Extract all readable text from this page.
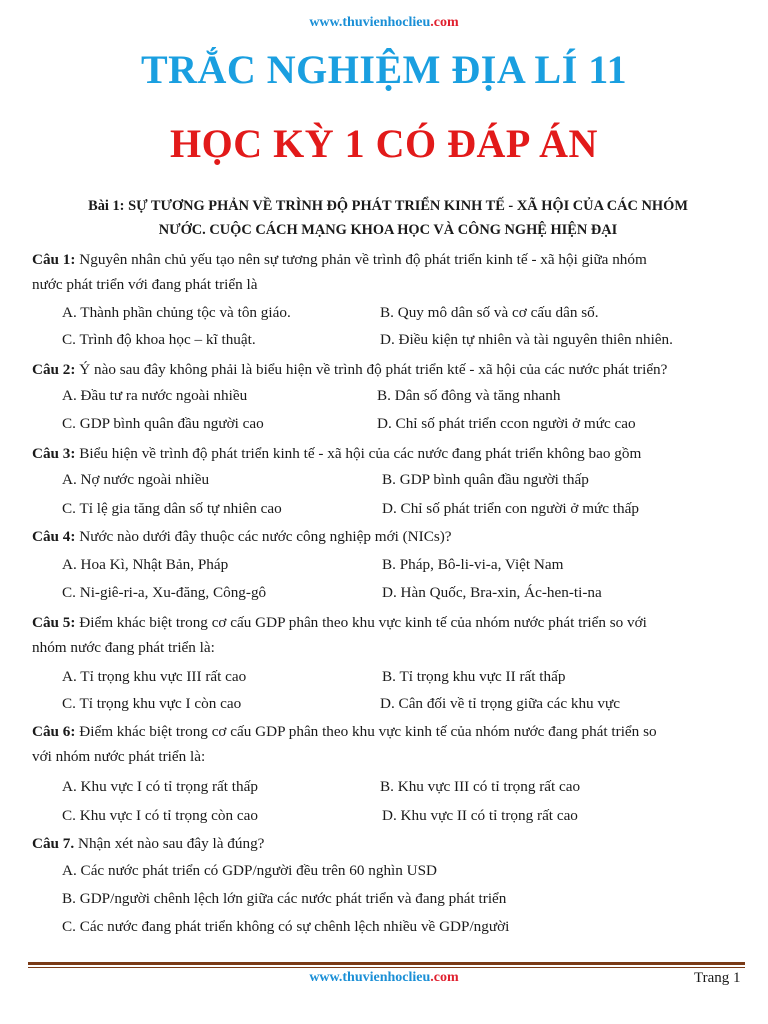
www.thuvienhoclieu.com
TRẮC NGHIỆM ĐỊA LÍ 11
HỌC KỲ 1 CÓ ĐÁP ÁN
Bài 1: SỰ TƯƠNG PHẢN VỀ TRÌNH ĐỘ PHÁT TRIỂN KINH TẾ - XÃ HỘI CỦA CÁC NHÓM
NƯỚC. CUỘC CÁCH MẠNG KHOA HỌC VÀ CÔNG NGHỆ HIỆN ĐẠI
Câu 1: Nguyên nhân chủ yếu tạo nên sự tương phản về trình độ phát triển kinh tế - xã hội giữa nhóm
nước phát triển với đang phát triển là
A. Thành phần chủng tộc và tôn giáo.	B. Quy mô dân số và cơ cấu dân số.
C. Trình độ khoa học – kĩ thuật.	D. Điều kiện tự nhiên và tài nguyên thiên nhiên.
Câu 2: Ý nào sau đây không phải là biểu hiện về trình độ phát triển ktế - xã hội của các nước phát triển?
A. Đầu tư ra nước ngoài nhiều	B. Dân số đông và tăng nhanh
C. GDP bình quân đầu người cao	D. Chỉ số phát triển ccon người ở mức cao
Câu 3: Biểu hiện về trình độ phát triển kinh tế - xã hội của các nước đang phát triển không bao gồm
A. Nợ nước ngoài nhiều	B. GDP bình quân đầu người thấp
C. Tỉ lệ gia tăng dân số tự nhiên cao	D. Chỉ số phát triển con người ở mức thấp
Câu 4: Nước nào dưới đây thuộc các nước công nghiệp mới (NICs)?
A. Hoa Kì, Nhật Bản, Pháp	B. Pháp, Bô-li-vi-a, Việt Nam
C. Ni-giê-ri-a, Xu-đăng, Công-gô	D. Hàn Quốc, Bra-xin, Ác-hen-ti-na
Câu 5: Điểm khác biệt trong cơ cấu GDP phân theo khu vực kinh tế của nhóm nước phát triển so với
nhóm nước đang phát triển là:
A. Tỉ trọng khu vực III rất cao	B. Tỉ trọng khu vực II rất thấp
C. Tỉ trọng khu vực I còn cao	D. Cân đối về tỉ trọng giữa các khu vực
Câu 6: Điểm khác biệt trong cơ cấu GDP phân theo khu vực kinh tế của nhóm nước đang phát triển so
với nhóm nước phát triển là:
A. Khu vực I có tỉ trọng rất thấp	B. Khu vực III có tỉ trọng rất cao
C. Khu vực I có tỉ trọng còn cao	D. Khu vực II có tỉ trọng rất cao
Câu 7. Nhận xét nào sau đây là đúng?
A. Các nước phát triển có GDP/người đều trên 60 nghìn USD
B. GDP/người chênh lệch lớn giữa các nước phát triển và đang phát triển
C. Các nước đang phát triển không có sự chênh lệch nhiều về GDP/người
www.thuvienhoclieu.com	Trang 1
